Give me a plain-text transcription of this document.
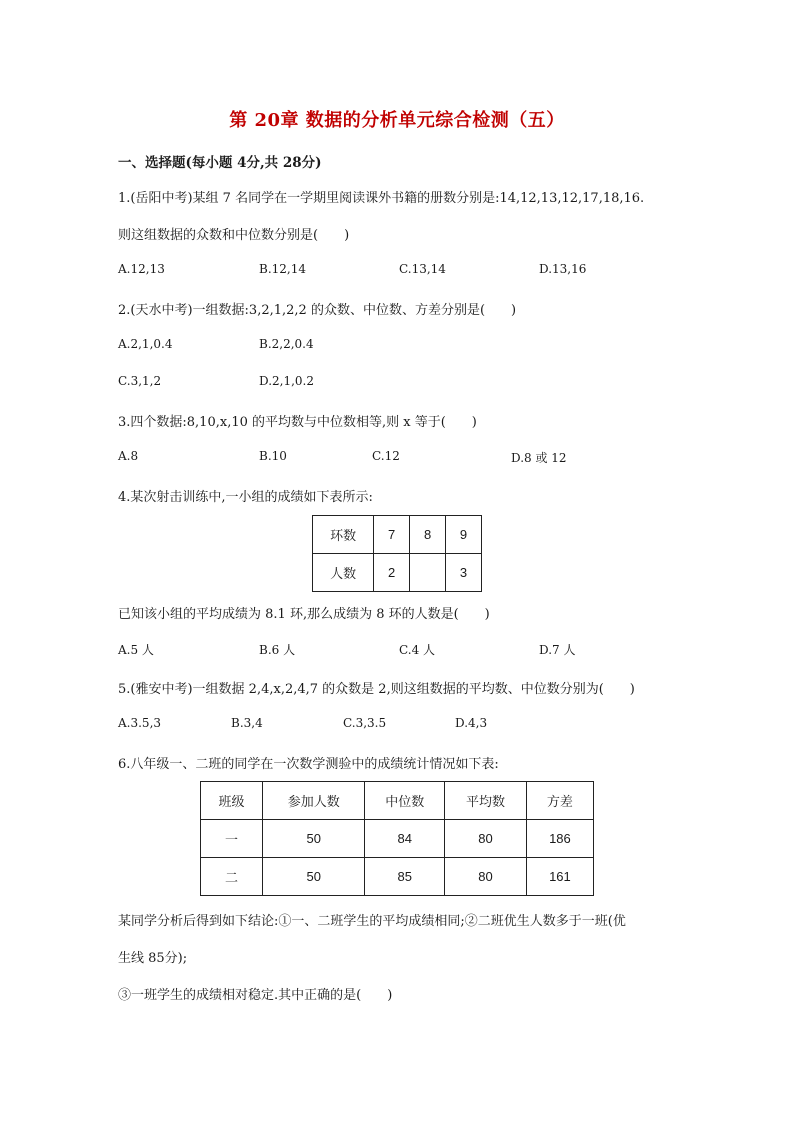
第 20章 数据的分析单元综合检测（五）
一、选择题(每小题 4分,共 28分)
1.(岳阳中考)某组 7 名同学在一学期里阅读课外书籍的册数分别是:14,12,13,12,17,18,16.
则这组数据的众数和中位数分别是(　　)
A.12,13	B.12,14	C.13,14	D.13,16
2.(天水中考)一组数据:3,2,1,2,2 的众数、中位数、方差分别是(　　)
A.2,1,0.4	B.2,2,0.4
C.3,1,2	D.2,1,0.2
3.四个数据:8,10,x,10 的平均数与中位数相等,则 x 等于(　　)
A.8	B.10	C.12	D.8 或 12
4.某次射击训练中,一小组的成绩如下表所示:
环数	7	8	9
人数	2		3
已知该小组的平均成绩为 8.1 环,那么成绩为 8 环的人数是(　　)
A.5 人	B.6 人	C.4 人	D.7 人
5.(雅安中考)一组数据 2,4,x,2,4,7 的众数是 2,则这组数据的平均数、中位数分别为(　　)
A.3.5,3	B.3,4	C.3,3.5	D.4,3
6.八年级一、二班的同学在一次数学测验中的成绩统计情况如下表:
班级	参加人数	中位数	平均数	方差
一	50	84	80	186
二	50	85	80	161
某同学分析后得到如下结论:①一、二班学生的平均成绩相同;②二班优生人数多于一班(优
生线 85分);
③一班学生的成绩相对稳定.其中正确的是(　　)
